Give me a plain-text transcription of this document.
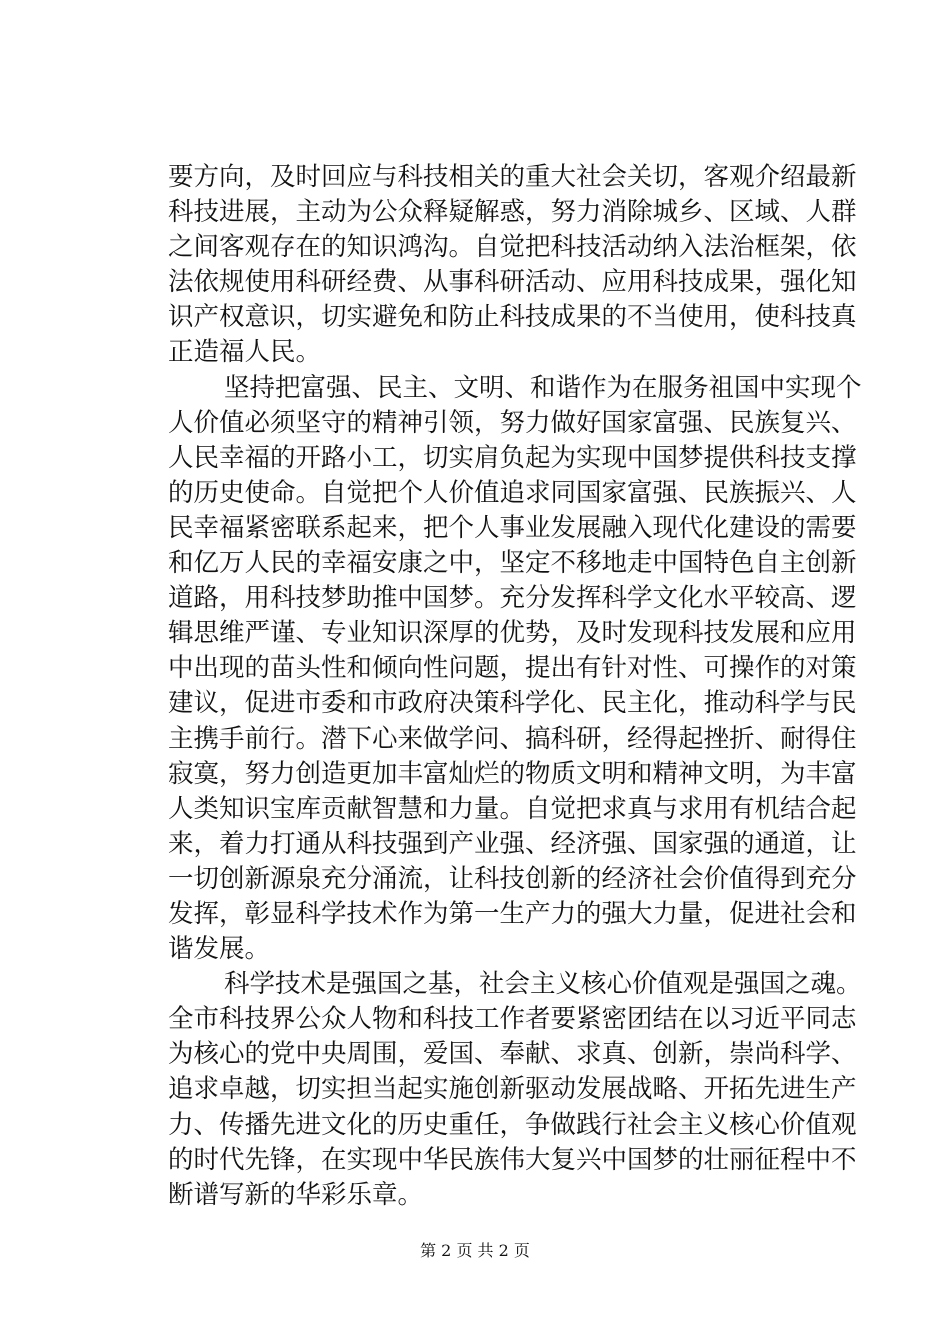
要方向，及时回应与科技相关的重大社会关切，客观介绍最新
科技进展，主动为公众释疑解惑，努力消除城乡、区域、人群
之间客观存在的知识鸿沟。自觉把科技活动纳入法治框架，依
法依规使用科研经费、从事科研活动、应用科技成果，强化知
识产权意识，切实避免和防止科技成果的不当使用，使科技真
正造福人民。
坚持把富强、民主、文明、和谐作为在服务祖国中实现个
人价值必须坚守的精神引领，努力做好国家富强、民族复兴、
人民幸福的开路小工，切实肩负起为实现中国梦提供科技支撑
的历史使命。自觉把个人价值追求同国家富强、民族振兴、人
民幸福紧密联系起来，把个人事业发展融入现代化建设的需要
和亿万人民的幸福安康之中，坚定不移地走中国特色自主创新
道路，用科技梦助推中国梦。充分发挥科学文化水平较高、逻
辑思维严谨、专业知识深厚的优势，及时发现科技发展和应用
中出现的苗头性和倾向性问题，提出有针对性、可操作的对策
建议，促进市委和市政府决策科学化、民主化，推动科学与民
主携手前行。潜下心来做学问、搞科研，经得起挫折、耐得住
寂寞，努力创造更加丰富灿烂的物质文明和精神文明，为丰富
人类知识宝库贡献智慧和力量。自觉把求真与求用有机结合起
来，着力打通从科技强到产业强、经济强、国家强的通道，让
一切创新源泉充分涌流，让科技创新的经济社会价值得到充分
发挥，彰显科学技术作为第一生产力的强大力量，促进社会和
谐发展。
科学技术是强国之基，社会主义核心价值观是强国之魂。
全市科技界公众人物和科技工作者要紧密团结在以习近平同志
为核心的党中央周围，爱国、奉献、求真、创新，崇尚科学、
追求卓越，切实担当起实施创新驱动发展战略、开拓先进生产
力、传播先进文化的历史重任，争做践行社会主义核心价值观
的时代先锋，在实现中华民族伟大复兴中国梦的壮丽征程中不
断谱写新的华彩乐章。
第 2 页 共 2 页
